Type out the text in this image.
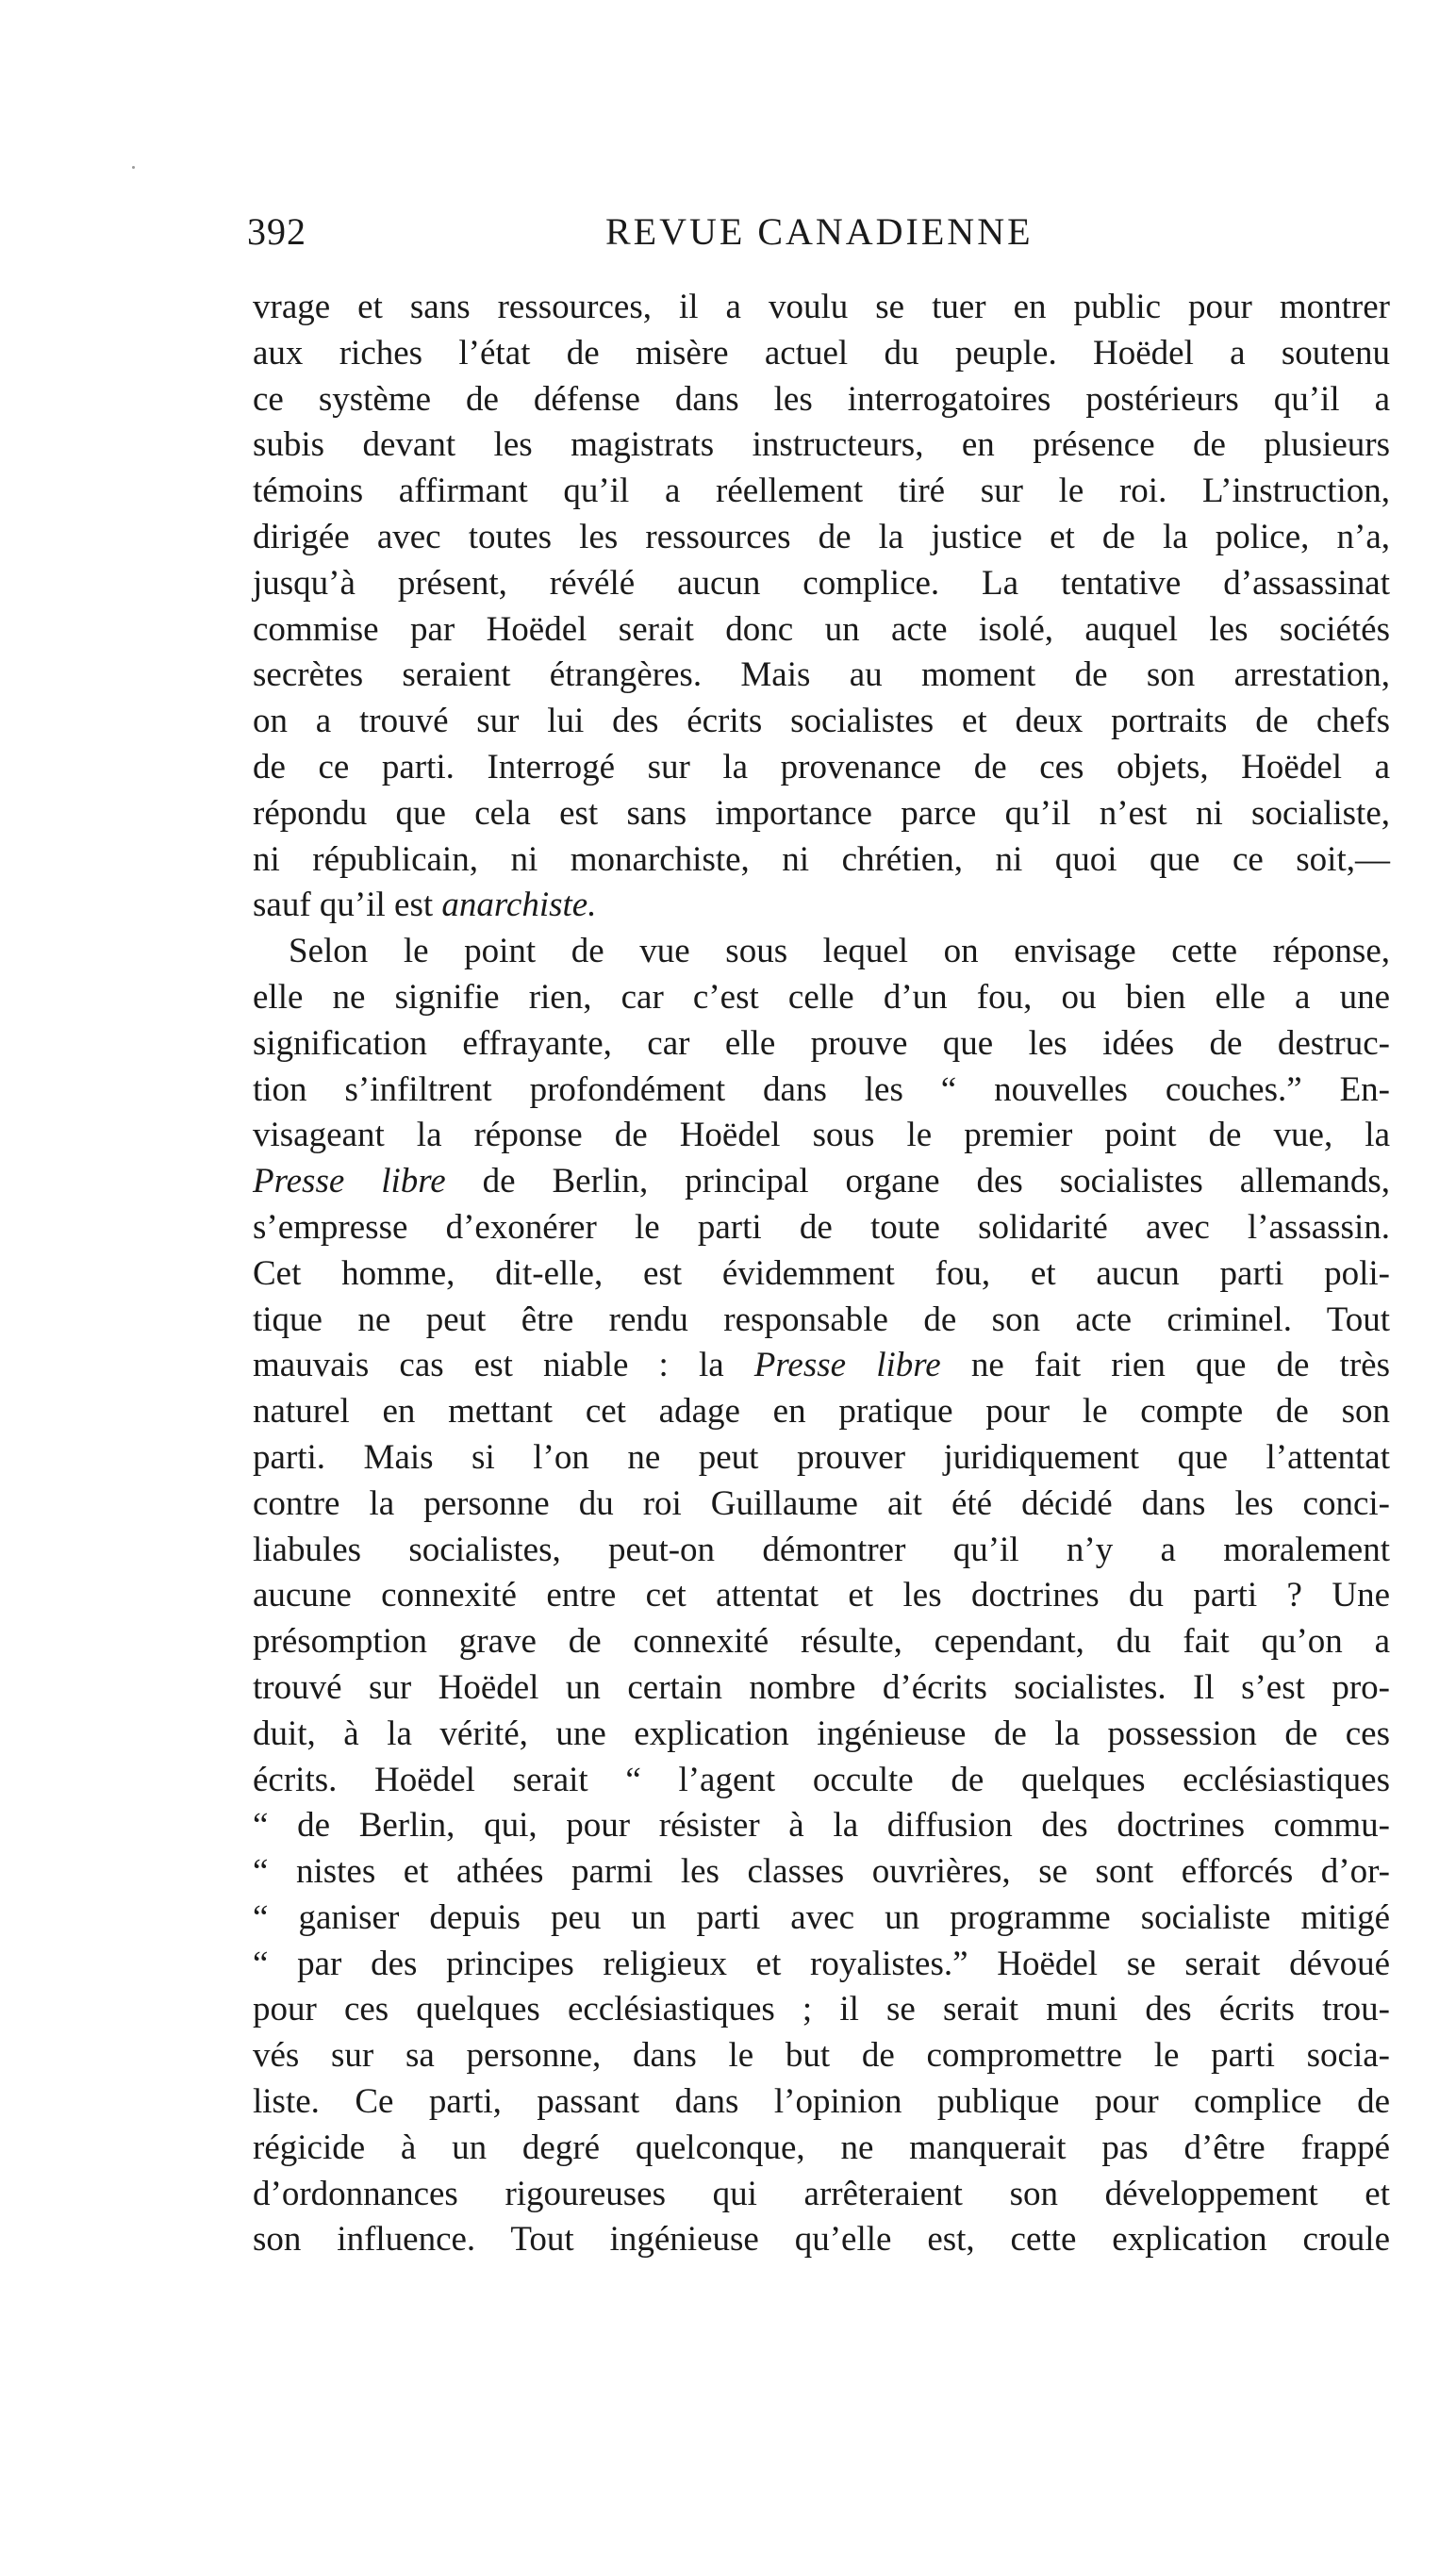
392	REVUE CANADIENNE
vrage et sans ressources, il a voulu se tuer en public pour montrer
aux riches l’état de misère actuel du peuple. Hoëdel a soutenu
ce système de défense dans les interrogatoires postérieurs qu’il a
subis devant les magistrats instructeurs, en présence de plusieurs
témoins affirmant qu’il a réellement tiré sur le roi. L’instruction,
dirigée avec toutes les ressources de la justice et de la police, n’a,
jusqu’à présent, révélé aucun complice. La tentative d’assassinat
commise par Hoëdel serait donc un acte isolé, auquel les sociétés
secrètes seraient étrangères. Mais au moment de son arrestation,
on a trouvé sur lui des écrits socialistes et deux portraits de chefs
de ce parti. Interrogé sur la provenance de ces objets, Hoëdel a
répondu que cela est sans importance parce qu’il n’est ni socialiste,
ni républicain, ni monarchiste, ni chrétien, ni quoi que ce soit,—
sauf qu’il est anarchiste.
Selon le point de vue sous lequel on envisage cette réponse,
elle ne signifie rien, car c’est celle d’un fou, ou bien elle a une
signification effrayante, car elle prouve que les idées de destruc-
tion s’infiltrent profondément dans les “ nouvelles couches.” En-
visageant la réponse de Hoëdel sous le premier point de vue, la
Presse libre de Berlin, principal organe des socialistes allemands,
s’empresse d’exonérer le parti de toute solidarité avec l’assassin.
Cet homme, dit-elle, est évidemment fou, et aucun parti poli-
tique ne peut être rendu responsable de son acte criminel. Tout
mauvais cas est niable : la Presse libre ne fait rien que de très
naturel en mettant cet adage en pratique pour le compte de son
parti. Mais si l’on ne peut prouver juridiquement que l’attentat
contre la personne du roi Guillaume ait été décidé dans les conci-
liabules socialistes, peut-on démontrer qu’il n’y a moralement
aucune connexité entre cet attentat et les doctrines du parti ? Une
présomption grave de connexité résulte, cependant, du fait qu’on a
trouvé sur Hoëdel un certain nombre d’écrits socialistes. Il s’est pro-
duit, à la vérité, une explication ingénieuse de la possession de ces
écrits. Hoëdel serait “ l’agent occulte de quelques ecclésiastiques
“ de Berlin, qui, pour résister à la diffusion des doctrines commu-
“ nistes et athées parmi les classes ouvrières, se sont efforcés d’or-
“ ganiser depuis peu un parti avec un programme socialiste mitigé
“ par des principes religieux et royalistes.” Hoëdel se serait dévoué
pour ces quelques ecclésiastiques ; il se serait muni des écrits trou-
vés sur sa personne, dans le but de compromettre le parti socia-
liste. Ce parti, passant dans l’opinion publique pour complice de
régicide à un degré quelconque, ne manquerait pas d’être frappé
d’ordonnances rigoureuses qui arrêteraient son développement et
son influence. Tout ingénieuse qu’elle est, cette explication croule
